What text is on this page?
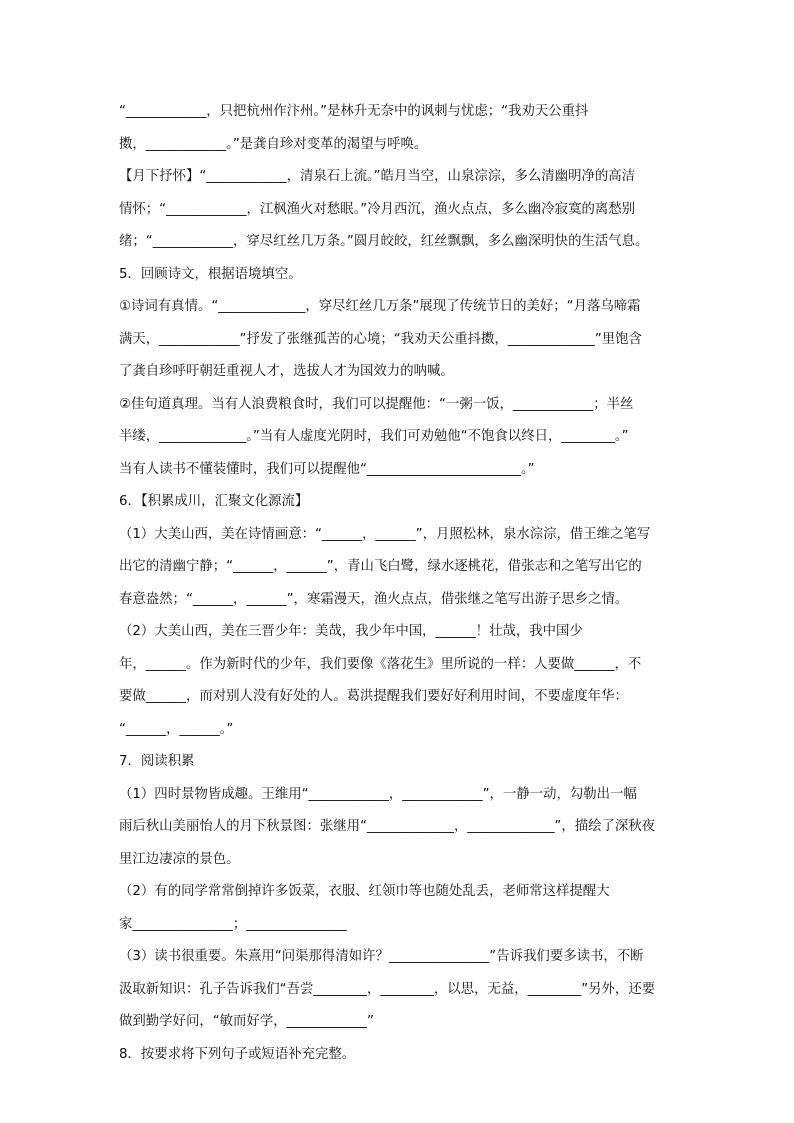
“____________，只把杭州作汴州。”是林升无奈中的讽刺与忧虑；“我劝天公重抖
擞，____________。”是龚自珍对变革的渴望与呼唤。
【月下抒怀】“____________，清泉石上流。”皓月当空，山泉淙淙，多么清幽明净的高洁
情怀；“____________，江枫渔火对愁眠。”冷月西沉，渔火点点，多么幽冷寂寞的离愁别
绪；“____________，穿尽红丝几万条。”圆月皎皎，红丝飘飘，多么幽深明快的生活气息。
5．回顾诗文，根据语境填空。
①诗词有真情。“_____________，穿尽红丝几万条”展现了传统节日的美好；“月落乌啼霜
满天，____________”抒发了张继孤苦的心境；“我劝天公重抖擞，_____________”里饱含
了龚自珍呼吁朝廷重视人才，选拔人才为国效力的呐喊。
②佳句道真理。当有人浪费粮食时，我们可以提醒他：“一粥一饭，____________；半丝
半缕，_____________。”当有人虚度光阴时，我们可劝勉他“不饱食以终日，________。”
当有人读书不懂装懂时，我们可以提醒他“_______________________。”
6．【积累成川，汇聚文化源流】
（1）大美山西，美在诗情画意：“______，______”，月照松林，泉水淙淙，借王维之笔写
出它的清幽宁静；“______，______”，青山飞白鹭，绿水逐桃花，借张志和之笔写出它的
春意盎然；“______，______”，寒霜漫天，渔火点点，借张继之笔写出游子思乡之情。
（2）大美山西，美在三晋少年：美哉，我少年中国，______！壮哉，我中国少
年，______。作为新时代的少年，我们要像《落花生》里所说的一样：人要做______，不
要做______，而对别人没有好处的人。葛洪提醒我们要好好利用时间，不要虚度年华：
“______，______。”
7．阅读积累
（1）四时景物皆成趣。王维用“____________，____________”，一静一动，勾勒出一幅
雨后秋山美丽怡人的月下秋景图：张继用“_____________，_____________”，描绘了深秋夜
里江边凄凉的景色。
（2）有的同学常常倒掉许多饭菜，衣服、红领巾等也随处乱丢，老师常这样提醒大
家_______________；_______________
（3）读书很重要。朱熹用“问渠那得清如许？_______________”告诉我们要多读书，不断
汲取新知识：孔子告诉我们“吾尝________，________，以思，无益，________”另外，还要
做到勤学好问，“敏而好学，____________”
8．按要求将下列句子或短语补充完整。
